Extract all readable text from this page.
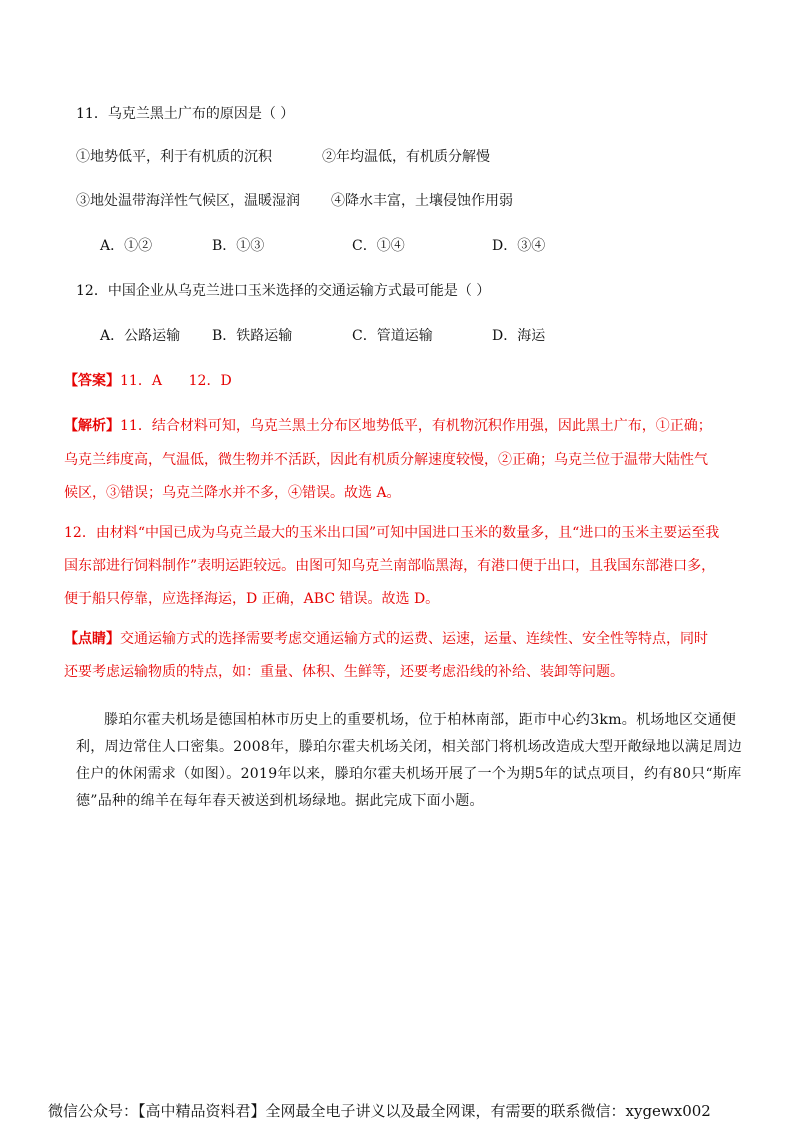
11．乌克兰黑土广布的原因是（ ）
①地势低平，利于有机质的沉积	②年均温低，有机质分解慢
③地处温带海洋性气候区，温暖湿润 ④降水丰富，土壤侵蚀作用弱
A．①②	B．①③	C．①④	D．③④
12．中国企业从乌克兰进口玉米选择的交通运输方式最可能是（ ）
A．公路运输 B．铁路运输	C．管道运输	D．海运
【答案】11．A      12．D
【解析】11．结合材料可知，乌克兰黑土分布区地势低平，有机物沉积作用强，因此黑土广布，①正确；
乌克兰纬度高，气温低，微生物并不活跃，因此有机质分解速度较慢，②正确；乌克兰位于温带大陆性气
候区，③错误；乌克兰降水并不多，④错误。故选 A。
12．由材料“中国已成为乌克兰最大的玉米出口国”可知中国进口玉米的数量多，且“进口的玉米主要运至我
国东部进行饲料制作”表明运距较远。由图可知乌克兰南部临黑海，有港口便于出口，且我国东部港口多，
便于船只停靠，应选择海运，D 正确，ABC 错误。故选 D。
【点睛】交通运输方式的选择需要考虑交通运输方式的运费、运速，运量、连续性、安全性等特点，同时
还要考虑运输物质的特点，如：重量、体积、生鲜等，还要考虑沿线的补给、装卸等问题。

滕珀尔霍夫机场是德国柏林市历史上的重要机场，位于柏林南部，距市中心约3km。机场地区交通便利，周边常住人口密集。2008年，滕珀尔霍夫机场关闭，相关部门将机场改造成大型开敞绿地以满足周边住户的休闲需求（如图）。2019年以来，滕珀尔霍夫机场开展了一个为期5年的试点项目，约有80只“斯库德”品种的绵羊在每年春天被送到机场绿地。据此完成下面小题。

微信公众号：【高中精品资料君】全网最全电子讲义以及最全网课，有需要的联系微信：xygewx002
